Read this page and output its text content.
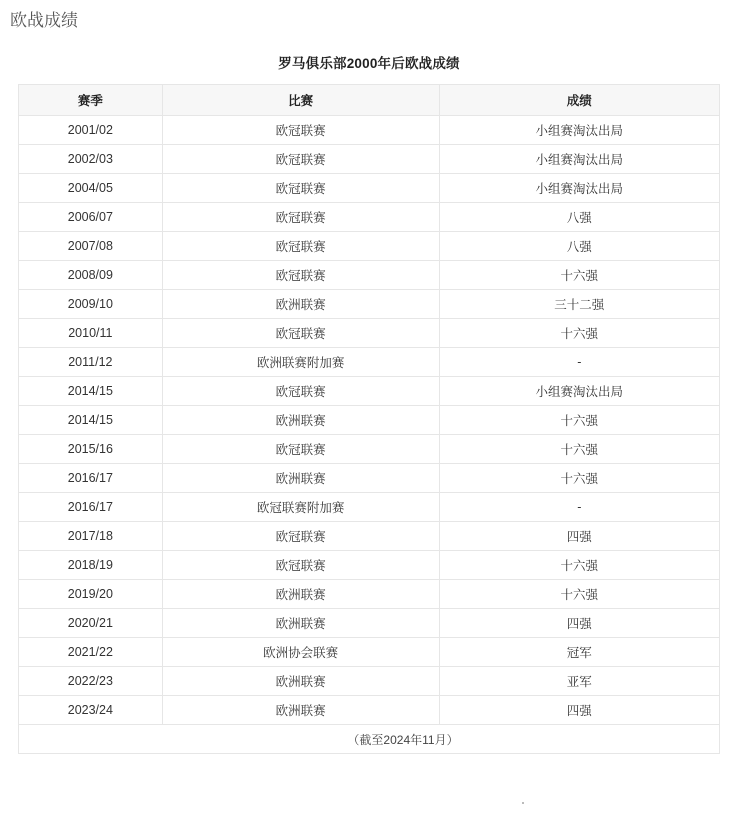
欧战成绩
罗马俱乐部2000年后欧战成绩
赛季	比赛	成绩
2001/02	欧冠联赛	小组赛淘汰出局
2002/03	欧冠联赛	小组赛淘汰出局
2004/05	欧冠联赛	小组赛淘汰出局
2006/07	欧冠联赛	八强
2007/08	欧冠联赛	八强
2008/09	欧冠联赛	十六强
2009/10	欧洲联赛	三十二强
2010/11	欧冠联赛	十六强
2011/12	欧洲联赛附加赛	-
2014/15	欧冠联赛	小组赛淘汰出局
2014/15	欧洲联赛	十六强
2015/16	欧冠联赛	十六强
2016/17	欧洲联赛	十六强
2016/17	欧冠联赛附加赛	-
2017/18	欧冠联赛	四强
2018/19	欧冠联赛	十六强
2019/20	欧洲联赛	十六强
2020/21	欧洲联赛	四强
2021/22	欧洲协会联赛	冠军
2022/23	欧洲联赛	亚军
2023/24	欧洲联赛	四强
（截至2024年11月）		
